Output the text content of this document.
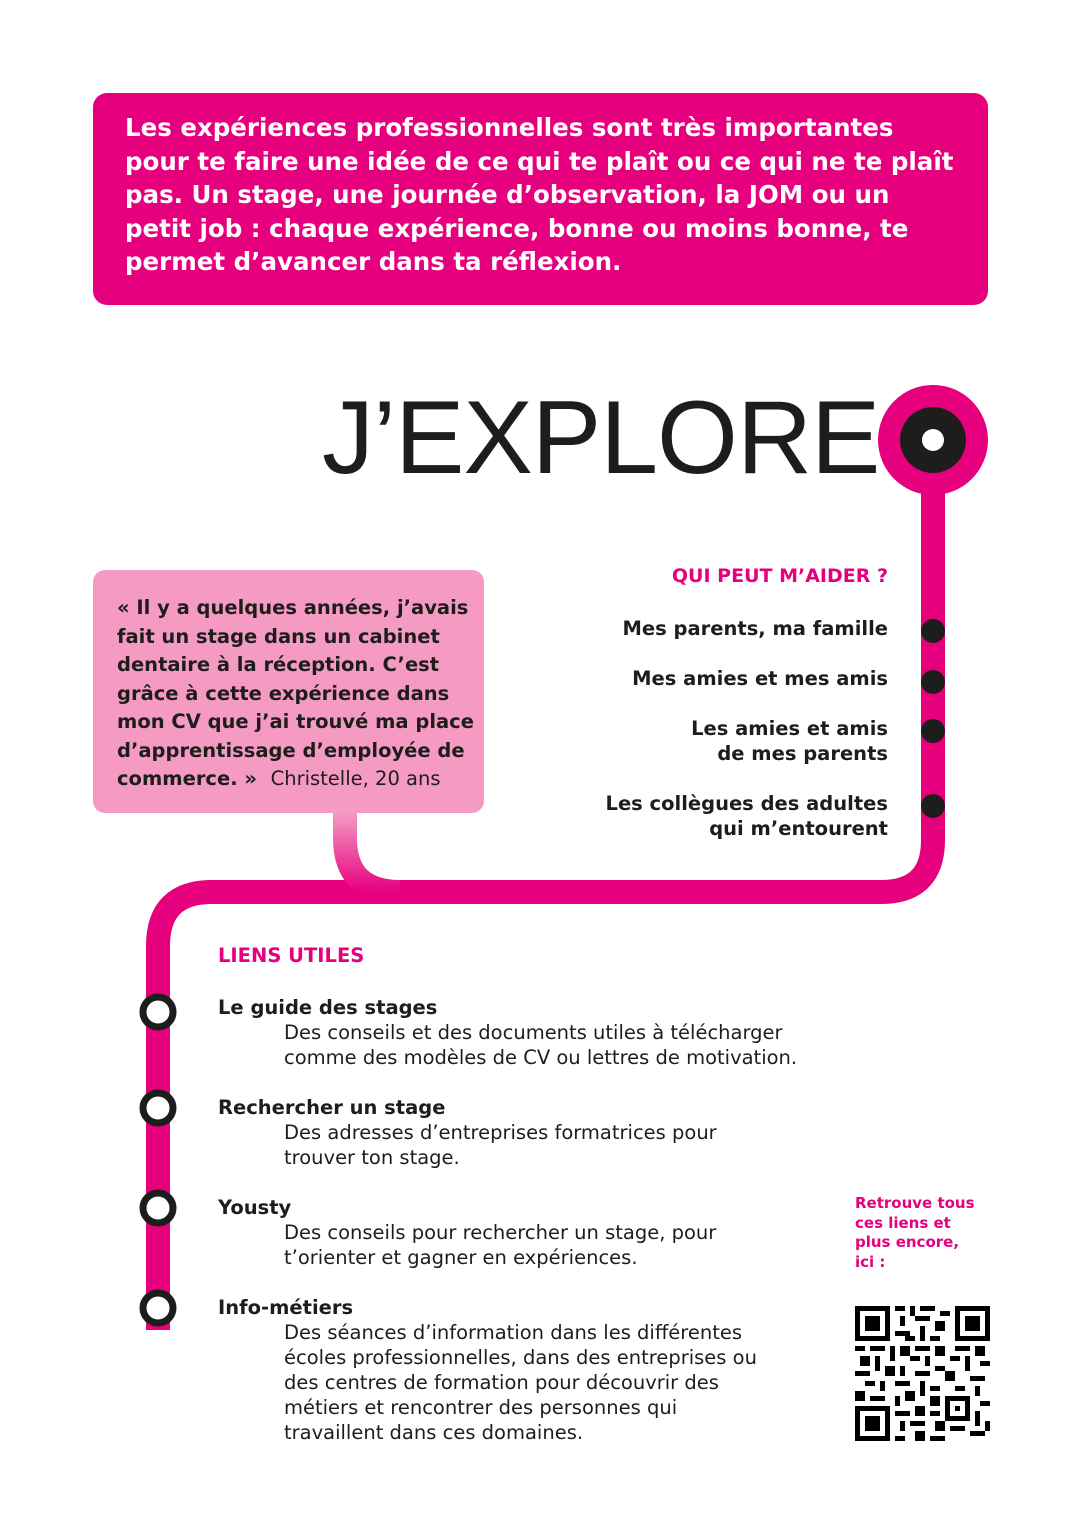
Les expériences professionnelles sont très importantes pour te faire une idée de ce qui te plaît ou ce qui ne te plaît pas. Un stage, une journée d’observation, la JOM ou un petit job : chaque expérience, bonne ou moins bonne, te permet d’avancer dans ta réflexion.

J’EXPLORE

« Il y a quelques années, j’avais fait un stage dans un cabinet dentaire à la réception. C’est grâce à cette expérience dans mon CV que j’ai trouvé ma place d’apprentissage d’employée de commerce. » Christelle, 20 ans

QUI PEUT M’AIDER ?

Mes parents, ma famille

Mes amies et mes amis

Les amies et amis
de mes parents

Les collègues des adultes
qui m’entourent

LIENS UTILES
Le guide des stages

Des conseils et des documents utiles à télécharger comme des modèles de CV ou lettres de motivation.

Rechercher un stage

Des adresses d’entreprises formatrices pour trouver ton stage.

Yousty

Des conseils pour rechercher un stage, pour t’orienter et gagner en expériences.

Info-métiers

Des séances d’information dans les différentes écoles professionnelles, dans des entreprises ou des centres de formation pour découvrir des métiers et rencontrer des personnes qui travaillent dans ces domaines.

Retrouve tous ces liens et plus encore, ici :
